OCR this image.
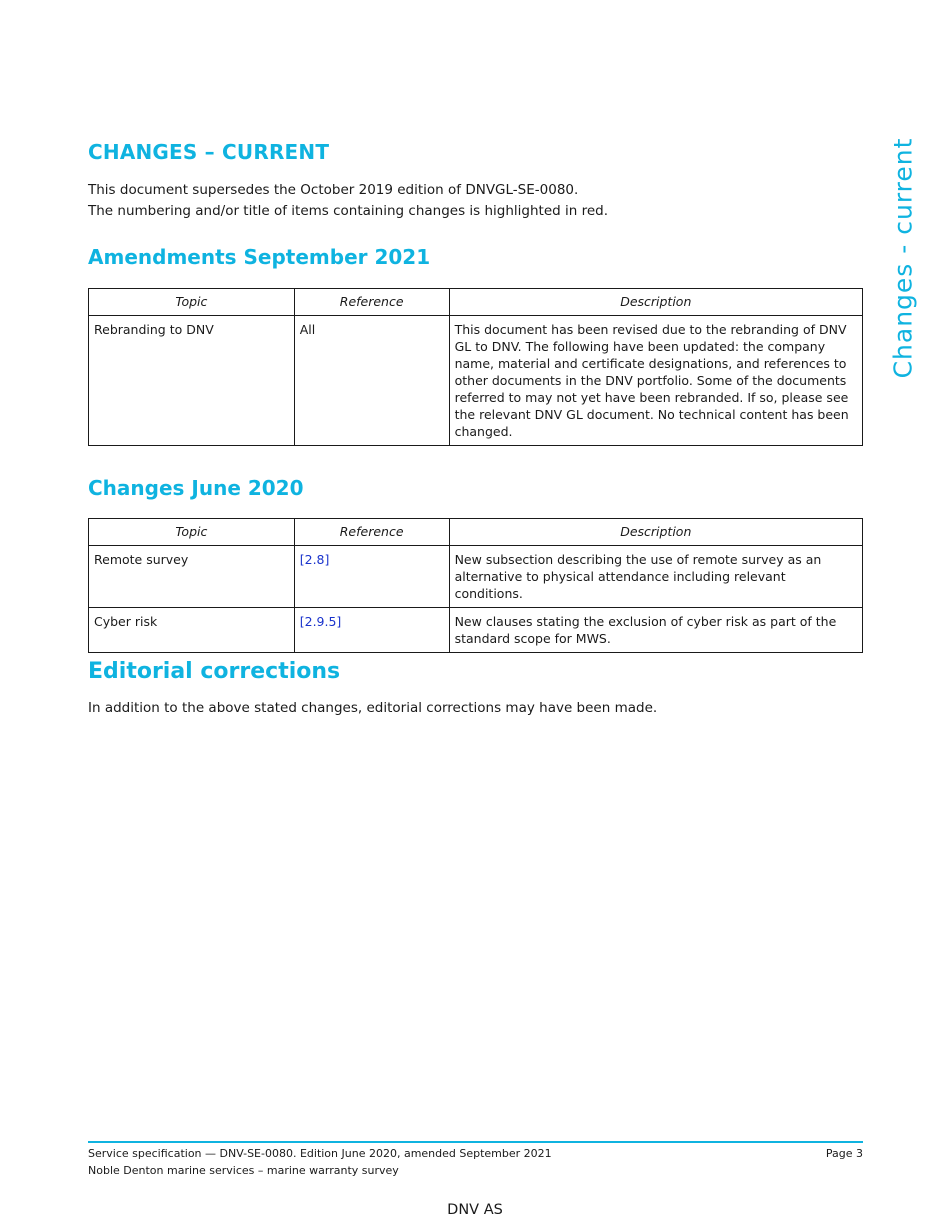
CHANGES – CURRENT

This document supersedes the October 2019 edition of DNVGL-SE-0080.

The numbering and/or title of items containing changes is highlighted in red.	Changes - current
Amendments September 2021
Topic	Reference	Description
Rebranding to DNV	All	This document has been revised due to the rebranding of DNV GL to DNV. The following have been updated: the company name, material and certificate designations, and references to other documents in the DNV portfolio. Some of the documents referred to may not yet have been rebranded. If so, please see the relevant DNV GL document. No technical content has been changed.
Changes June 2020
Topic	Reference	Description
Remote survey	[2.8]	New subsection describing the use of remote survey as an alternative to physical attendance including relevant conditions.
Cyber risk	[2.9.5]	New clauses stating the exclusion of cyber risk as part of the standard scope for MWS.
Editorial corrections

In addition to the above stated changes, editorial corrections may have been made.

Service specification — DNV-SE-0080. Edition June 2020, amended September 2021
Noble Denton marine services – marine warranty survey
Page 3
DNV AS
